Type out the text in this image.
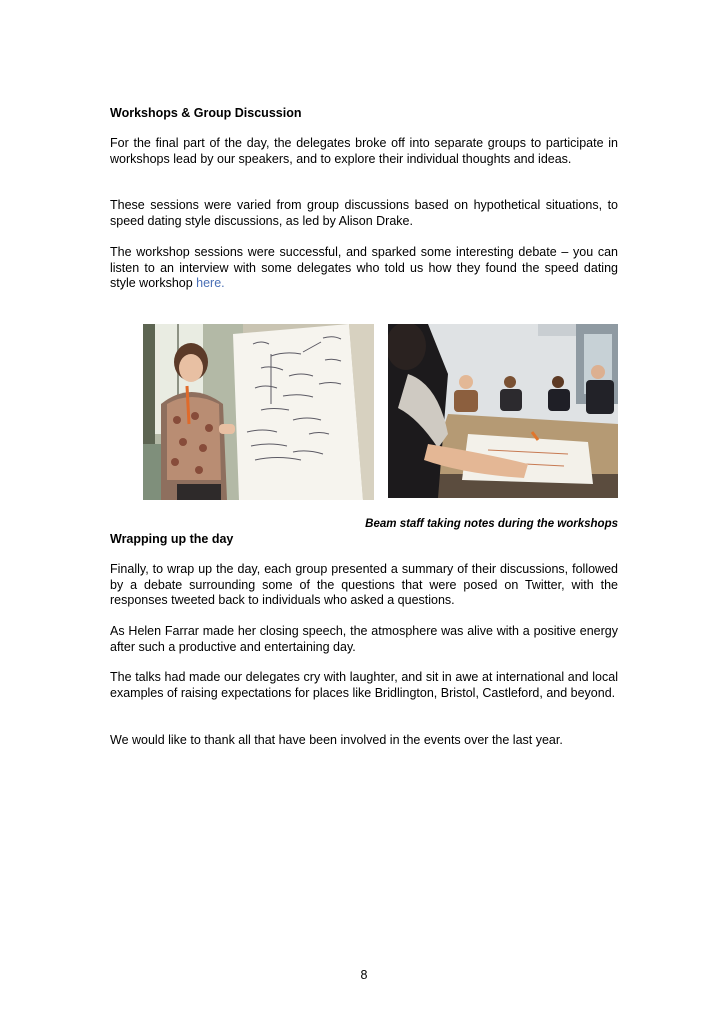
Workshops & Group Discussion

For the final part of the day, the delegates broke off into separate groups to participate in workshops lead by our speakers, and to explore their individual thoughts and ideas.

These sessions were varied from group discussions based on hypothetical situations, to speed dating style discussions, as led by Alison Drake.

The workshop sessions were successful, and sparked some interesting debate – you can listen to an interview with some delegates who told us how they found the speed dating style workshop here.

Beam staff taking notes during the workshops
Wrapping up the day

Finally, to wrap up the day, each group presented a summary of their discussions, followed by a debate surrounding some of the questions that were posed on Twitter, with the responses tweeted back to individuals who asked a questions.

As Helen Farrar made her closing speech, the atmosphere was alive with a positive energy after such a productive and entertaining day.

The talks had made our delegates cry with laughter, and sit in awe at international and local examples of raising expectations for places like Bridlington, Bristol, Castleford, and beyond.

We would like to thank all that have been involved in the events over the last year.

8
